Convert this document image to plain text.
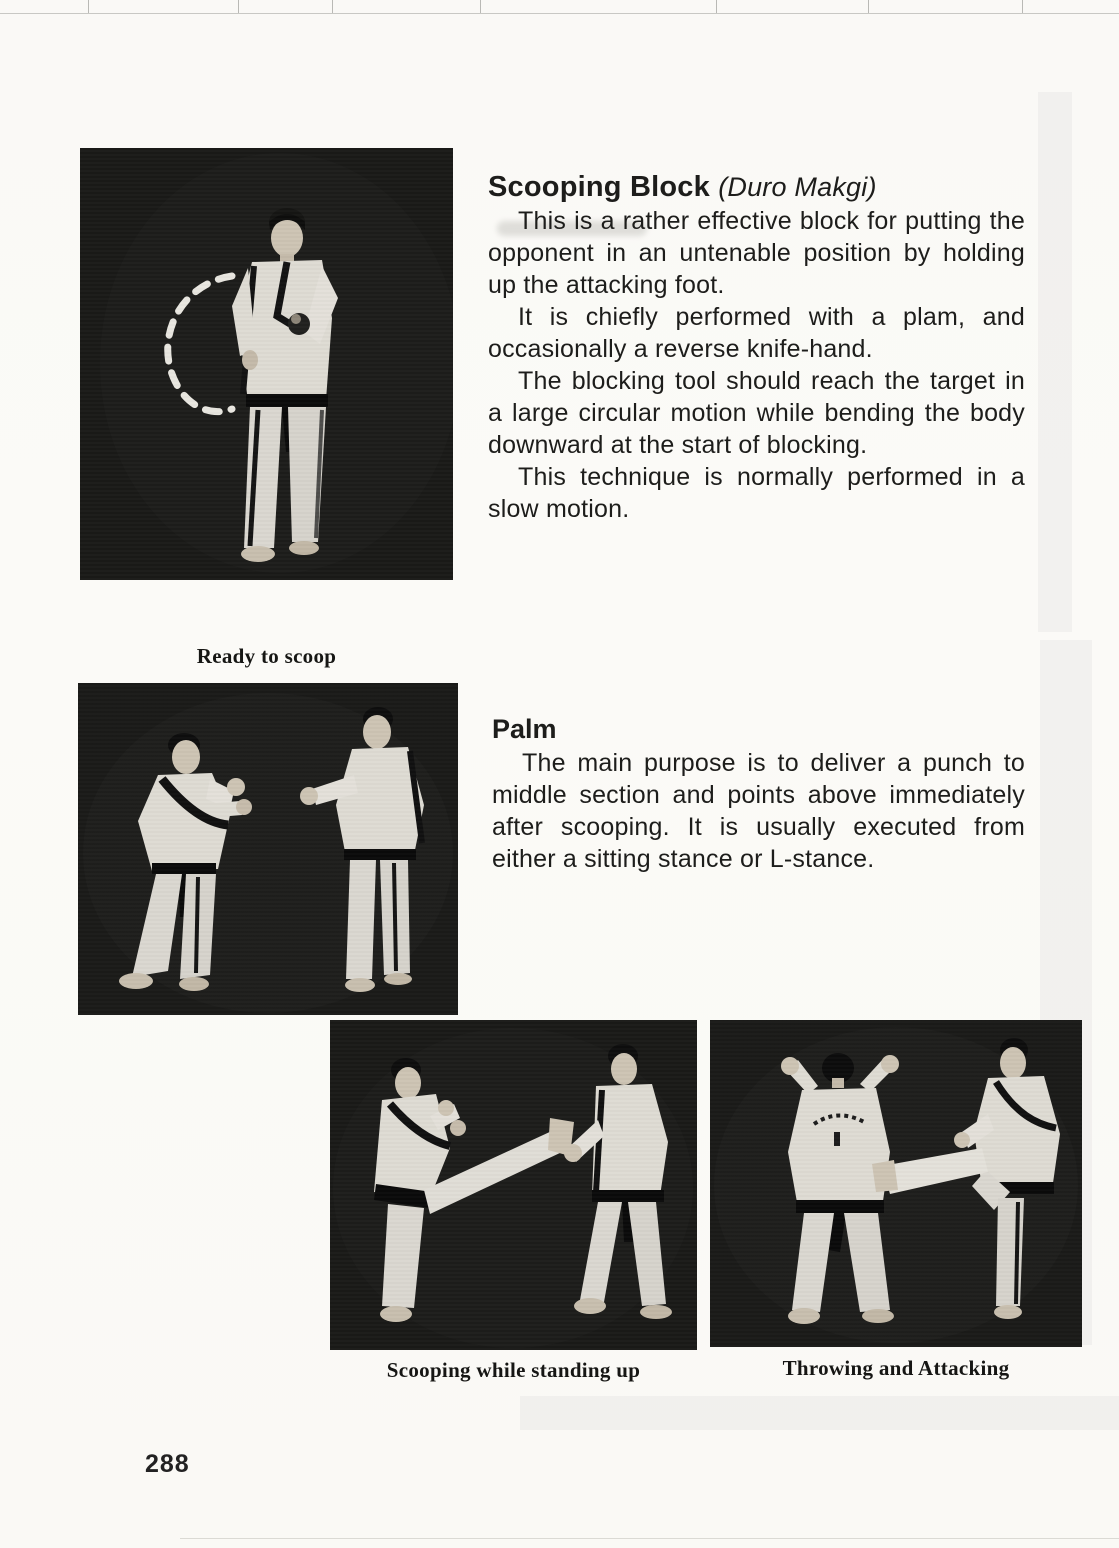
Ready to scoop
Scooping Block (Duro Makgi)

This is a rather effective block for putting the opponent in an untenable position by holding up the attacking foot.

It is chiefly performed with a plam, and occasionally a reverse knife-hand.

The blocking tool should reach the target in a large circular motion while bending the body downward at the start of blocking.

This technique is normally performed in a slow motion.

Palm

The main purpose is to deliver a punch to middle section and points above immediately after scooping. It is usually executed from either a sitting stance or L-stance.

Scooping while standing up	Throwing and Attacking
288
